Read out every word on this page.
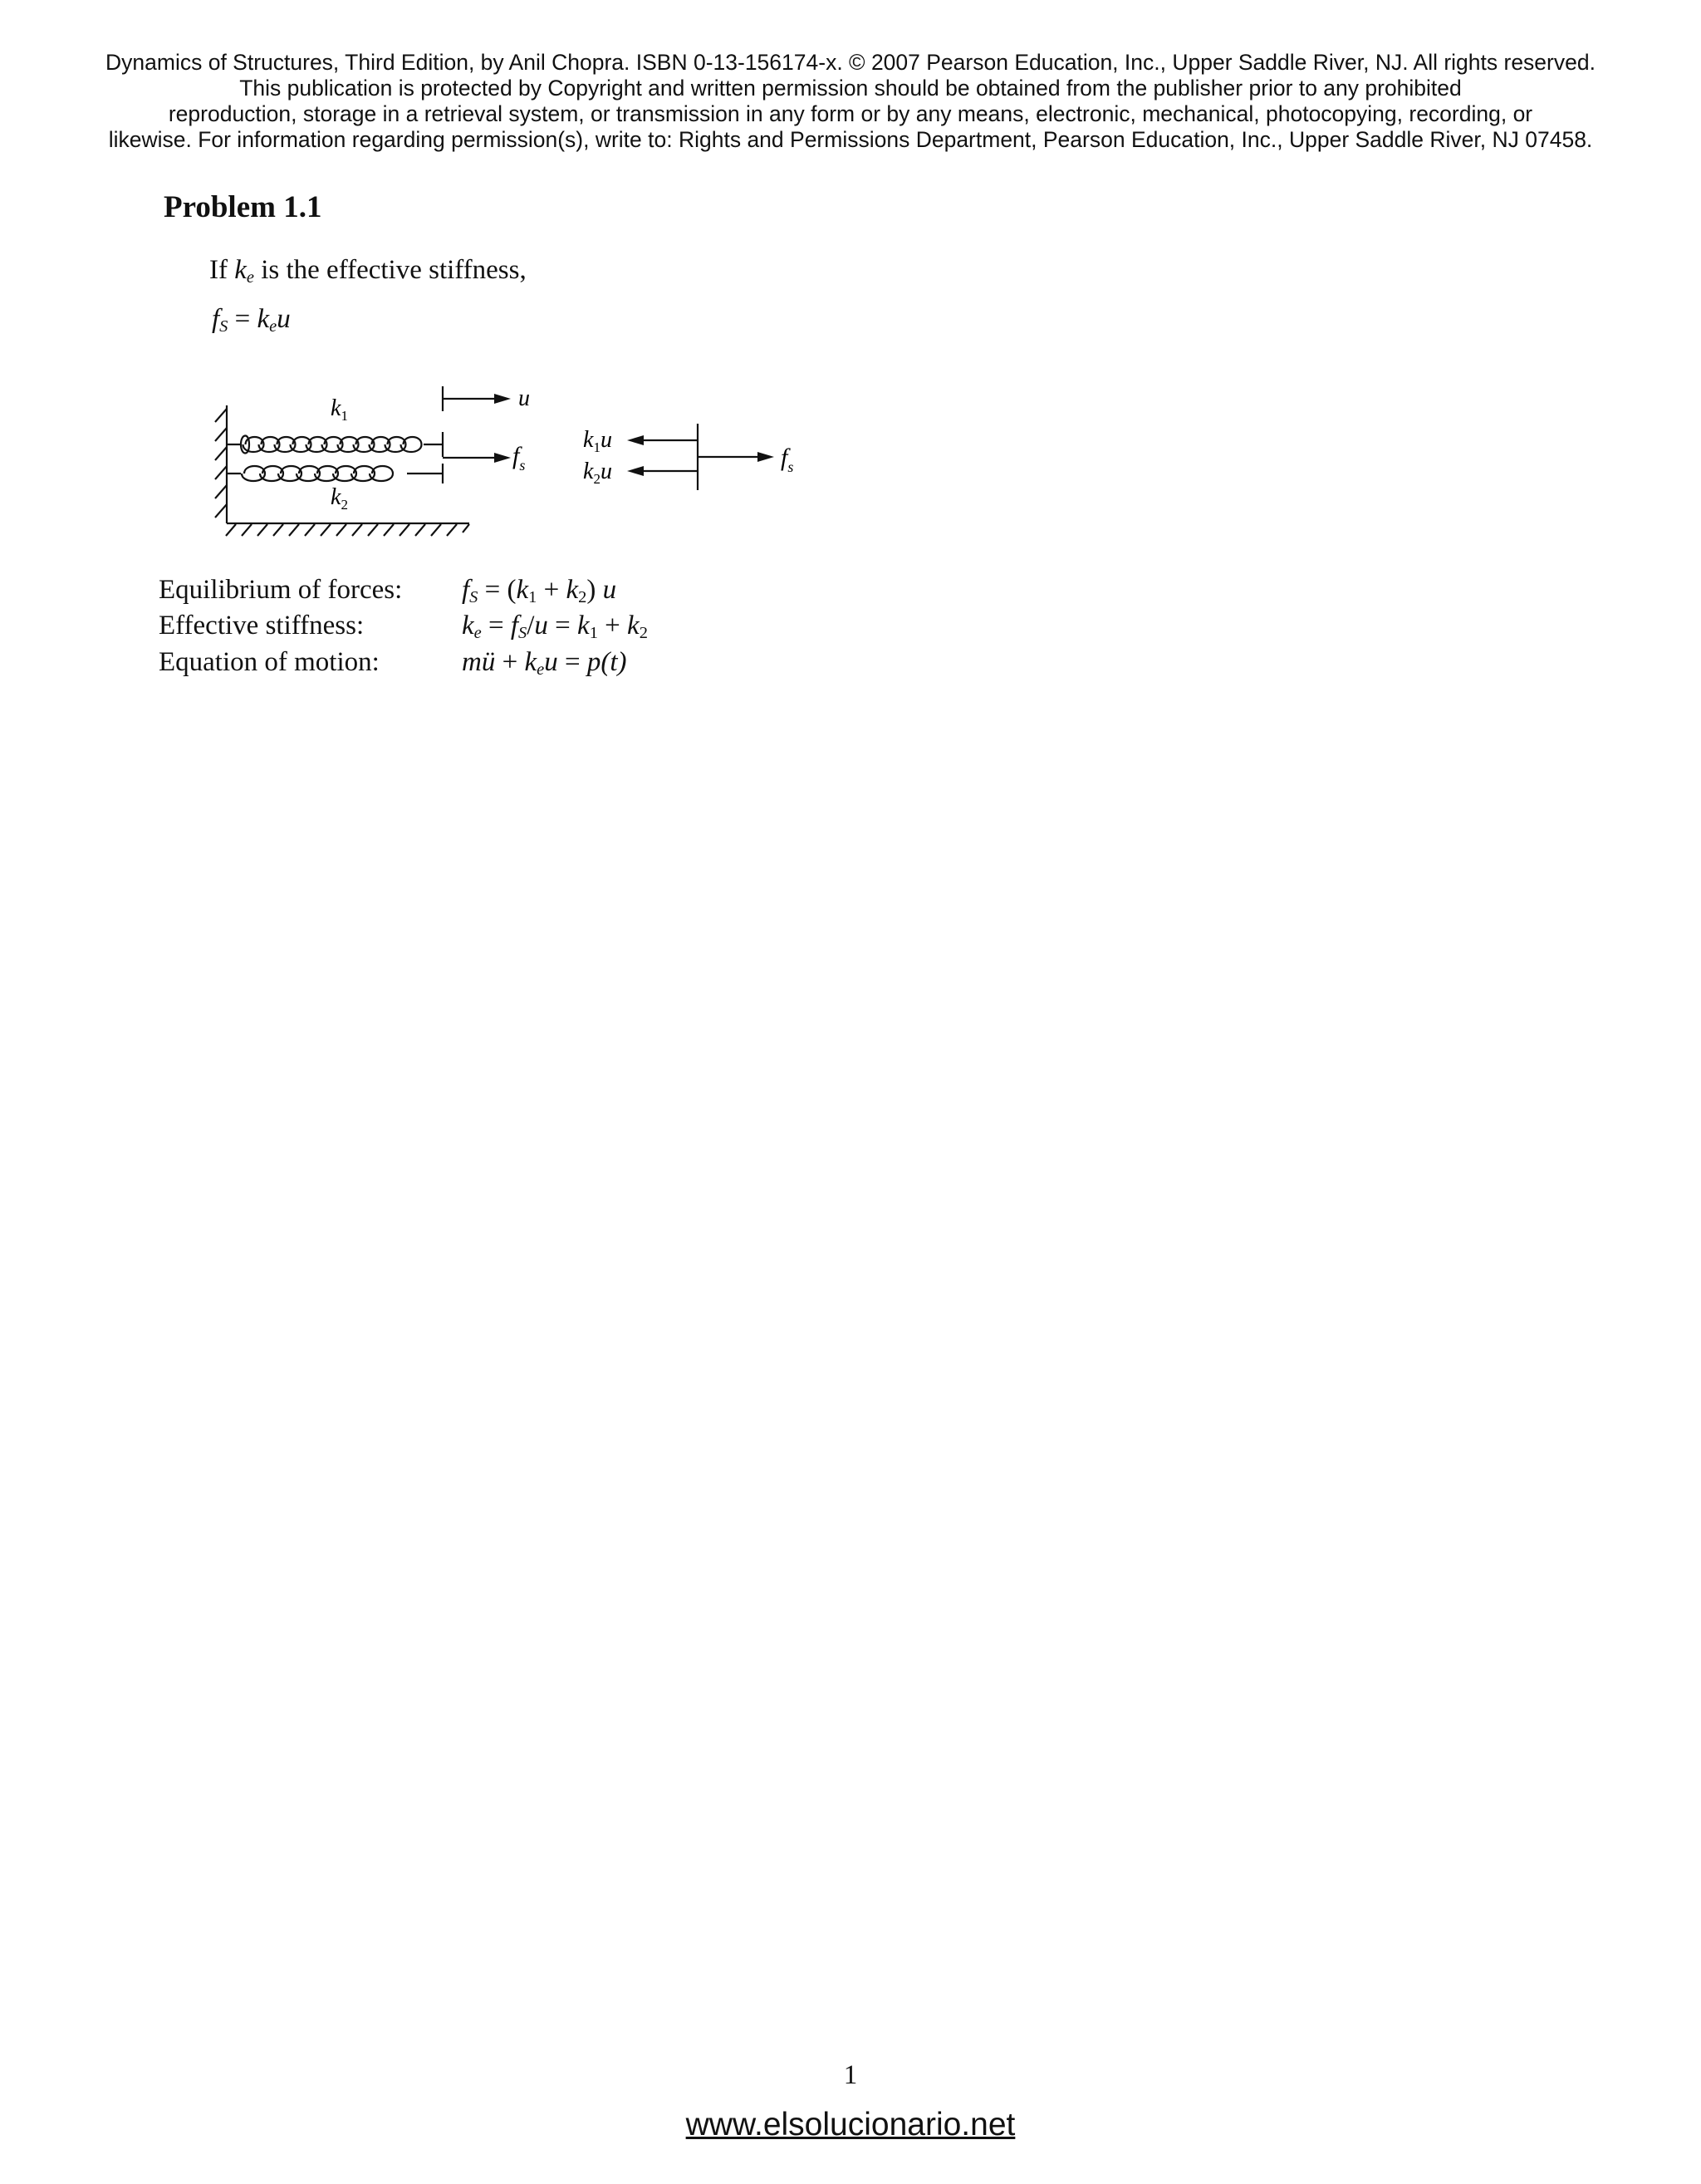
Dynamics of Structures, Third Edition, by Anil Chopra. ISBN 0-13-156174-x. © 2007 Pearson Education, Inc., Upper Saddle River, NJ. All rights reserved.
This publication is protected by Copyright and written permission should be obtained from the publisher prior to any prohibited
reproduction, storage in a retrieval system, or transmission in any form or by any means, electronic, mechanical, photocopying, recording, or
likewise. For information regarding permission(s), write to: Rights and Permissions Department, Pearson Education, Inc., Upper Saddle River, NJ 07458.
Problem 1.1
If $k_e$ is the effective stiffness,
$f_S = k_eu$
$k_1$
$k_2$
u
$f_s$
$k_1u$
$k_2u$
$f_s$
Equilibrium of forces:
Effective stiffness:
Equation of motion:
$f_S = (k_1 + k_2)$ u
$k_e = f_S/u = k_1 + k_2$
mü + $k_eu = p(t)$
1
www.elsolucionario.net
